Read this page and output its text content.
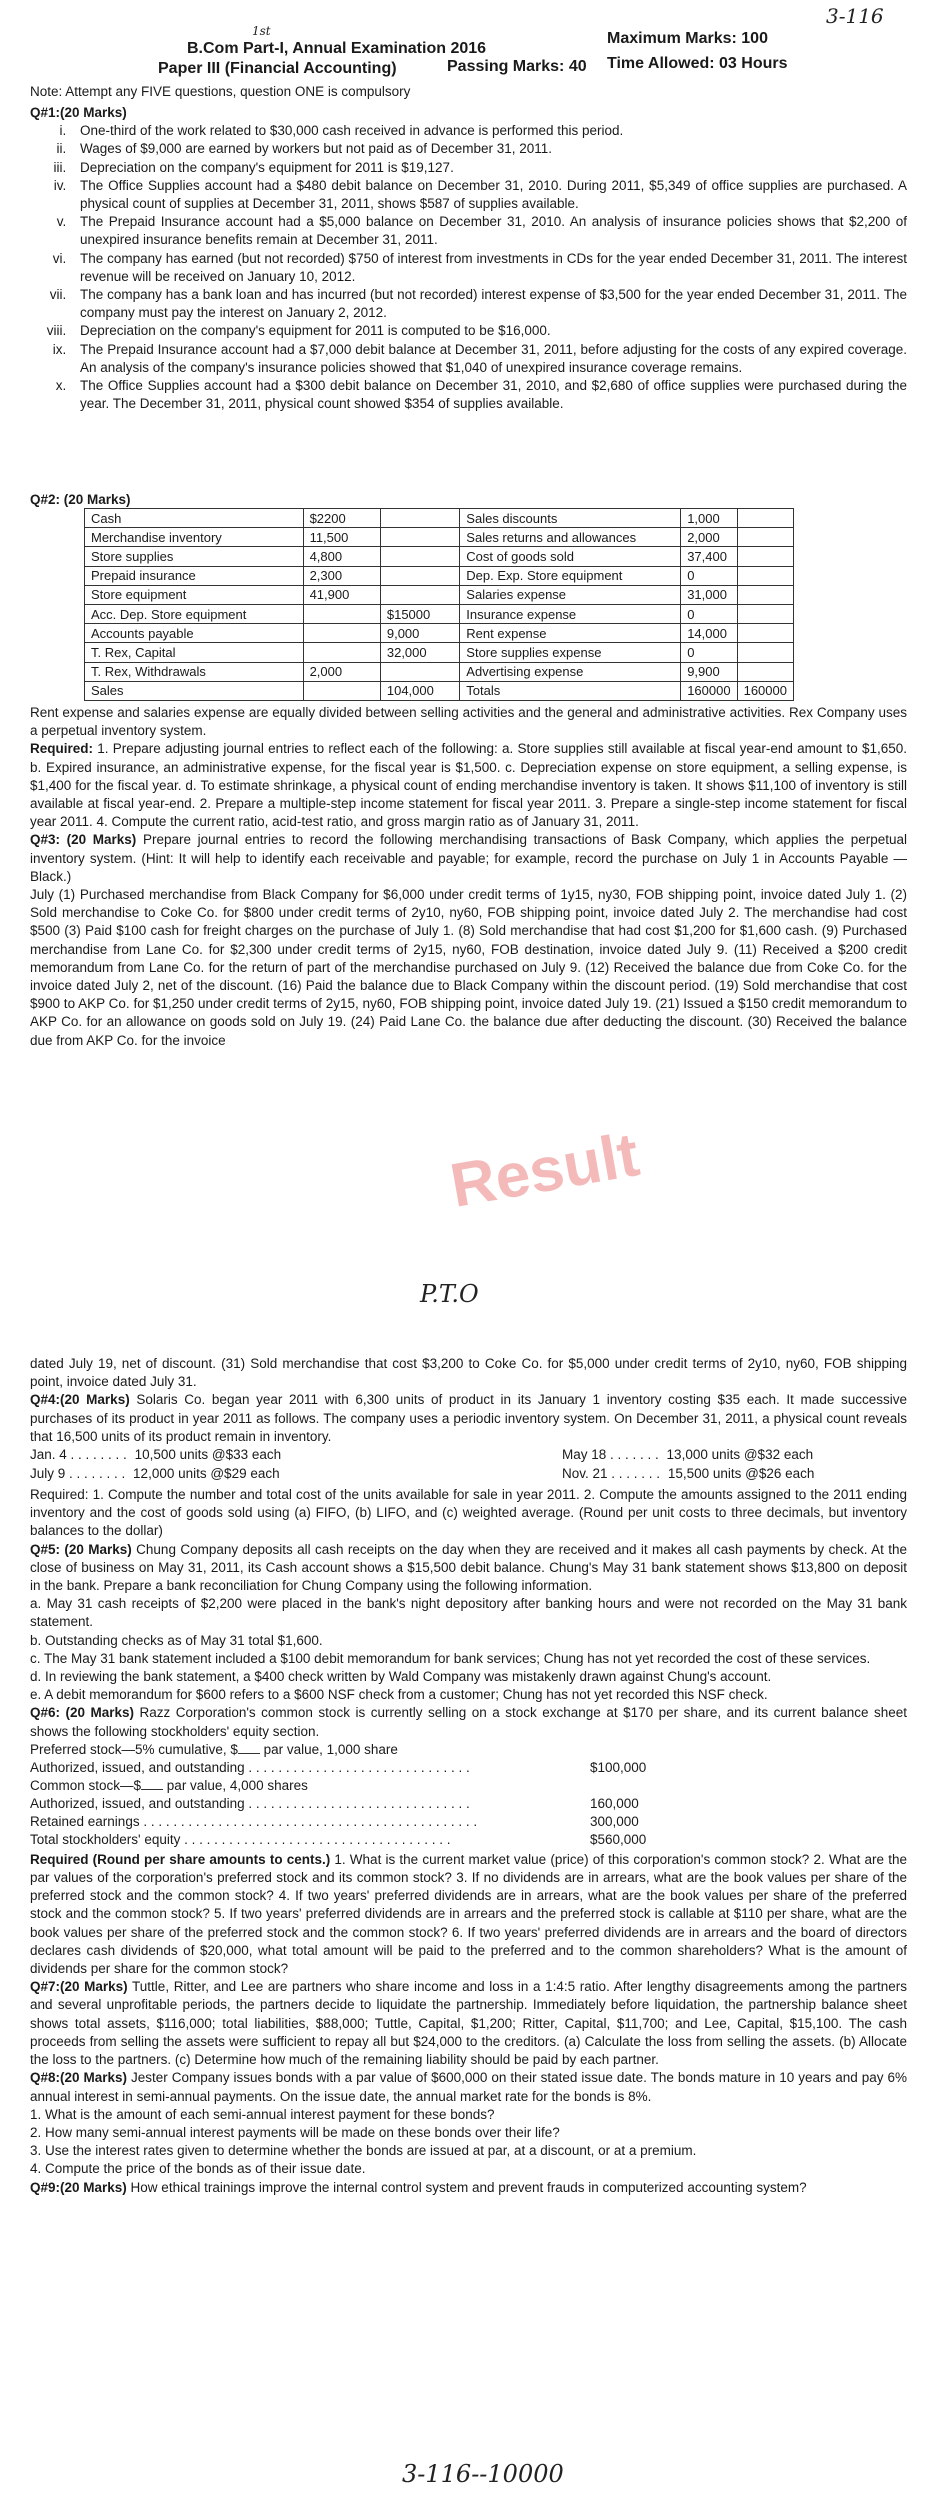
3-116
1st
B.Com Part-I, Annual Examination 2016
Maximum Marks: 100
Paper III (Financial Accounting)	Passing Marks: 40 Time Allowed: 03 Hours
Note: Attempt any FIVE questions, question ONE is compulsory

Q#1:(20 Marks)

i. One-third of the work related to $30,000 cash received in advance is performed this period.
ii. Wages of $9,000 are earned by workers but not paid as of December 31, 2011.
iii. Depreciation on the company's equipment for 2011 is $19,127.
iv. The Office Supplies account had a $480 debit balance on December 31, 2010. During 2011, $5,349 of office supplies are purchased. A physical count of supplies at December 31, 2011, shows $587 of supplies available.
v. The Prepaid Insurance account had a $5,000 balance on December 31, 2010. An analysis of insurance policies shows that $2,200 of unexpired insurance benefits remain at December 31, 2011.
vi. The company has earned (but not recorded) $750 of interest from investments in CDs for the year ended December 31, 2011. The interest revenue will be received on January 10, 2012.
vii. The company has a bank loan and has incurred (but not recorded) interest expense of $3,500 for the year ended December 31, 2011. The company must pay the interest on January 2, 2012.
viii. Depreciation on the company's equipment for 2011 is computed to be $16,000.
ix. The Prepaid Insurance account had a $7,000 debit balance at December 31, 2011, before adjusting for the costs of any expired coverage. An analysis of the company's insurance policies showed that $1,040 of unexpired insurance coverage remains.
x. The Office Supplies account had a $300 debit balance on December 31, 2010, and $2,680 of office supplies were purchased during the year. The December 31, 2011, physical count showed $354 of supplies available.
Q#2: (20 Marks)
Cash	$2200		Sales discounts	1,000	
Merchandise inventory	11,500		Sales returns and allowances	2,000	
Store supplies	4,800		Cost of goods sold	37,400	
Prepaid insurance	2,300		Dep. Exp. Store equipment	0	
Store equipment	41,900		Salaries expense	31,000	
Acc. Dep. Store equipment		$15000	Insurance expense	0	
Accounts payable		9,000	Rent expense	14,000	
T. Rex, Capital		32,000	Store supplies expense	0	
T. Rex, Withdrawals	2,000		Advertising expense	9,900	
Sales		104,000	Totals	160000	160000

Rent expense and salaries expense are equally divided between selling activities and the general and administrative activities. Rex Company uses a perpetual inventory system.

Required: 1. Prepare adjusting journal entries to reflect each of the following: a. Store supplies still available at fiscal year-end amount to $1,650. b. Expired insurance, an administrative expense, for the fiscal year is $1,500. c. Depreciation expense on store equipment, a selling expense, is $1,400 for the fiscal year. d. To estimate shrinkage, a physical count of ending merchandise inventory is taken. It shows $11,100 of inventory is still available at fiscal year-end. 2. Prepare a multiple-step income statement for fiscal year 2011. 3. Prepare a single-step income statement for fiscal year 2011. 4. Compute the current ratio, acid-test ratio, and gross margin ratio as of January 31, 2011.

Q#3: (20 Marks) Prepare journal entries to record the following merchandising transactions of Bask Company, which applies the perpetual inventory system. (Hint: It will help to identify each receivable and payable; for example, record the purchase on July 1 in Accounts Payable — Black.)

July (1) Purchased merchandise from Black Company for $6,000 under credit terms of 1y15, ny30, FOB shipping point, invoice dated July 1. (2) Sold merchandise to Coke Co. for $800 under credit terms of 2y10, ny60, FOB shipping point, invoice dated July 2. The merchandise had cost $500 (3) Paid $100 cash for freight charges on the purchase of July 1. (8) Sold merchandise that had cost $1,200 for $1,600 cash. (9) Purchased merchandise from Lane Co. for $2,300 under credit terms of 2y15, ny60, FOB destination, invoice dated July 9. (11) Received a $200 credit memorandum from Lane Co. for the return of part of the merchandise purchased on July 9. (12) Received the balance due from Coke Co. for the invoice dated July 2, net of the discount. (16) Paid the balance due to Black Company within the discount period. (19) Sold merchandise that cost $900 to AKP Co. for $1,250 under credit terms of 2y15, ny60, FOB shipping point, invoice dated July 19. (21) Issued a $150 credit memorandum to AKP Co. for an allowance on goods sold on July 19. (24) Paid Lane Co. the balance due after deducting the discount. (30) Received the balance due from AKP Co. for the invoice

Result
P.T.O

dated July 19, net of discount. (31) Sold merchandise that cost $3,200 to Coke Co. for $5,000 under credit terms of 2y10, ny60, FOB shipping point, invoice dated July 31.

Q#4:(20 Marks) Solaris Co. began year 2011 with 6,300 units of product in its January 1 inventory costing $35 each. It made successive purchases of its product in year 2011 as follows. The company uses a periodic inventory system. On December 31, 2011, a physical count reveals that 16,500 units of its product remain in inventory.

Jan. 4 . . . . . . . . 10,500 units @$33 each	May 18 . . . . . . . 13,000 units @$32 each
July 9 . . . . . . . . 12,000 units @$29 each	Nov. 21 . . . . . . . 15,500 units @$26 each

Required: 1. Compute the number and total cost of the units available for sale in year 2011. 2. Compute the amounts assigned to the 2011 ending inventory and the cost of goods sold using (a) FIFO, (b) LIFO, and (c) weighted average. (Round per unit costs to three decimals, but inventory balances to the dollar)

Q#5: (20 Marks) Chung Company deposits all cash receipts on the day when they are received and it makes all cash payments by check. At the close of business on May 31, 2011, its Cash account shows a $15,500 debit balance. Chung's May 31 bank statement shows $13,800 on deposit in the bank. Prepare a bank reconciliation for Chung Company using the following information.

a. May 31 cash receipts of $2,200 were placed in the bank's night depository after banking hours and were not recorded on the May 31 bank statement.

b. Outstanding checks as of May 31 total $1,600.

c. The May 31 bank statement included a $100 debit memorandum for bank services; Chung has not yet recorded the cost of these services.

d. In reviewing the bank statement, a $400 check written by Wald Company was mistakenly drawn against Chung's account.

e. A debit memorandum for $600 refers to a $600 NSF check from a customer; Chung has not yet recorded this NSF check.

Q#6: (20 Marks) Razz Corporation's common stock is currently selling on a stock exchange at $170 per share, and its current balance sheet shows the following stockholders' equity section.

Preferred stock—5% cumulative, $ par value, 1,000 share
Authorized, issued, and outstanding . . . . . . . . . . . . . . . . . . . . . . . . . . . . . .	$100,000
Common stock—$ par value, 4,000 shares
Authorized, issued, and outstanding . . . . . . . . . . . . . . . . . . . . . . . . . . . . . .	160,000
Retained earnings . . . . . . . . . . . . . . . . . . . . . . . . . . . . . . . . . . . . . . . . . . . . .	300,000
Total stockholders' equity . . . . . . . . . . . . . . . . . . . . . . . . . . . . . . . . . . . .	$560,000

Required (Round per share amounts to cents.) 1. What is the current market value (price) of this corporation's common stock? 2. What are the par values of the corporation's preferred stock and its common stock? 3. If no dividends are in arrears, what are the book values per share of the preferred stock and the common stock? 4. If two years' preferred dividends are in arrears, what are the book values per share of the preferred stock and the common stock? 5. If two years' preferred dividends are in arrears and the preferred stock is callable at $110 per share, what are the book values per share of the preferred stock and the common stock? 6. If two years' preferred dividends are in arrears and the board of directors declares cash dividends of $20,000, what total amount will be paid to the preferred and to the common shareholders? What is the amount of dividends per share for the common stock?

Q#7:(20 Marks) Tuttle, Ritter, and Lee are partners who share income and loss in a 1:4:5 ratio. After lengthy disagreements among the partners and several unprofitable periods, the partners decide to liquidate the partnership. Immediately before liquidation, the partnership balance sheet shows total assets, $116,000; total liabilities, $88,000; Tuttle, Capital, $1,200; Ritter, Capital, $11,700; and Lee, Capital, $15,100. The cash proceeds from selling the assets were sufficient to repay all but $24,000 to the creditors. (a) Calculate the loss from selling the assets. (b) Allocate the loss to the partners. (c) Determine how much of the remaining liability should be paid by each partner.

Q#8:(20 Marks) Jester Company issues bonds with a par value of $600,000 on their stated issue date. The bonds mature in 10 years and pay 6% annual interest in semi-annual payments. On the issue date, the annual market rate for the bonds is 8%.

1. What is the amount of each semi-annual interest payment for these bonds?

2. How many semi-annual interest payments will be made on these bonds over their life?

3. Use the interest rates given to determine whether the bonds are issued at par, at a discount, or at a premium.

4. Compute the price of the bonds as of their issue date.

Q#9:(20 Marks) How ethical trainings improve the internal control system and prevent frauds in computerized accounting system?

3-116--10000
